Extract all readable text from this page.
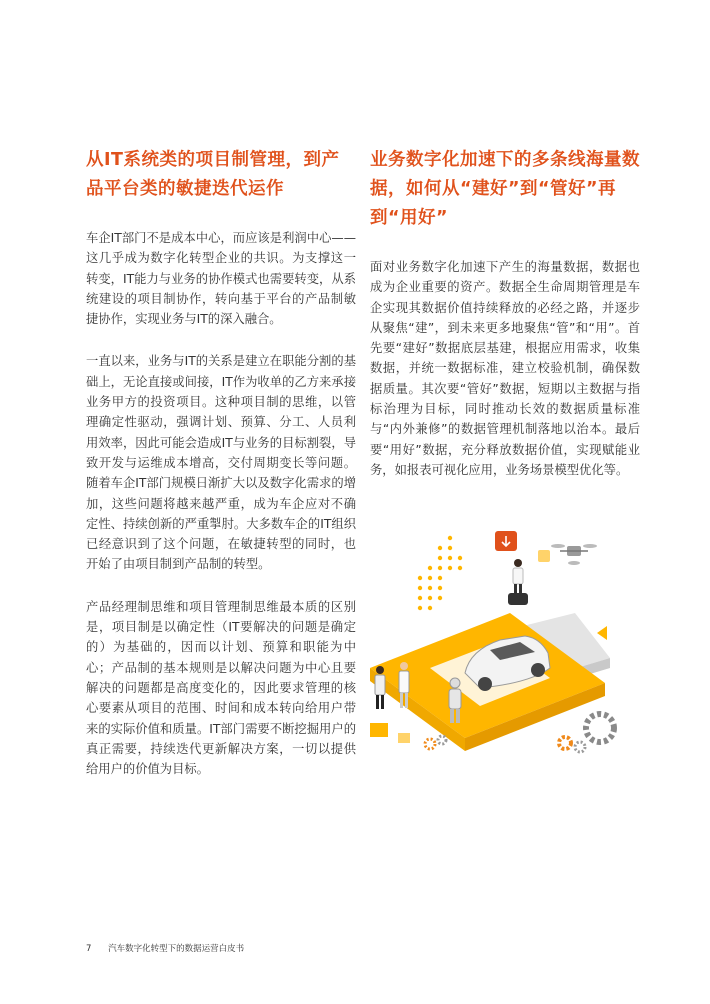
从IT系统类的项目制管理，到产品平台类的敏捷迭代运作

车企IT部门不是成本中心，而应该是利润中心——这几乎成为数字化转型企业的共识。为支撑这一转变，IT能力与业务的协作模式也需要转变，从系统建设的项目制协作，转向基于平台的产品制敏捷协作，实现业务与IT的深入融合。

一直以来，业务与IT的关系是建立在职能分割的基础上，无论直接或间接，IT作为收单的乙方来承接业务甲方的投资项目。这种项目制的思维，以管理确定性驱动，强调计划、预算、分工、人员利用效率，因此可能会造成IT与业务的目标割裂，导致开发与运维成本增高，交付周期变长等问题。随着车企IT部门规模日渐扩大以及数字化需求的增加，这些问题将越来越严重，成为车企应对不确定性、持续创新的严重掣肘。大多数车企的IT组织已经意识到了这个问题，在敏捷转型的同时，也开始了由项目制到产品制的转型。

产品经理制思维和项目管理制思维最本质的区别是，项目制是以确定性（IT要解决的问题是确定的）为基础的，因而以计划、预算和职能为中心；产品制的基本规则是以解决问题为中心且要解决的问题都是高度变化的，因此要求管理的核心要素从项目的范围、时间和成本转向给用户带来的实际价值和质量。IT部门需要不断挖掘用户的真正需要，持续迭代更新解决方案，一切以提供给用户的价值为目标。

业务数字化加速下的多条线海量数据，如何从“建好”到“管好”再到“用好”

面对业务数字化加速下产生的海量数据，数据也成为企业重要的资产。数据全生命周期管理是车企实现其数据价值持续释放的必经之路，并逐步从聚焦“建”，到未来更多地聚焦“管”和“用”。首先要“建好”数据底层基建，根据应用需求，收集数据，并统一数据标准，建立校验机制，确保数据质量。其次要“管好”数据，短期以主数据与指标治理为目标，同时推动长效的数据质量标准与“内外兼修”的数据管理机制落地以治本。最后要“用好”数据，充分释放数据价值，实现赋能业务，如报表可视化应用，业务场景模型优化等。

7 汽车数字化转型下的数据运营白皮书
